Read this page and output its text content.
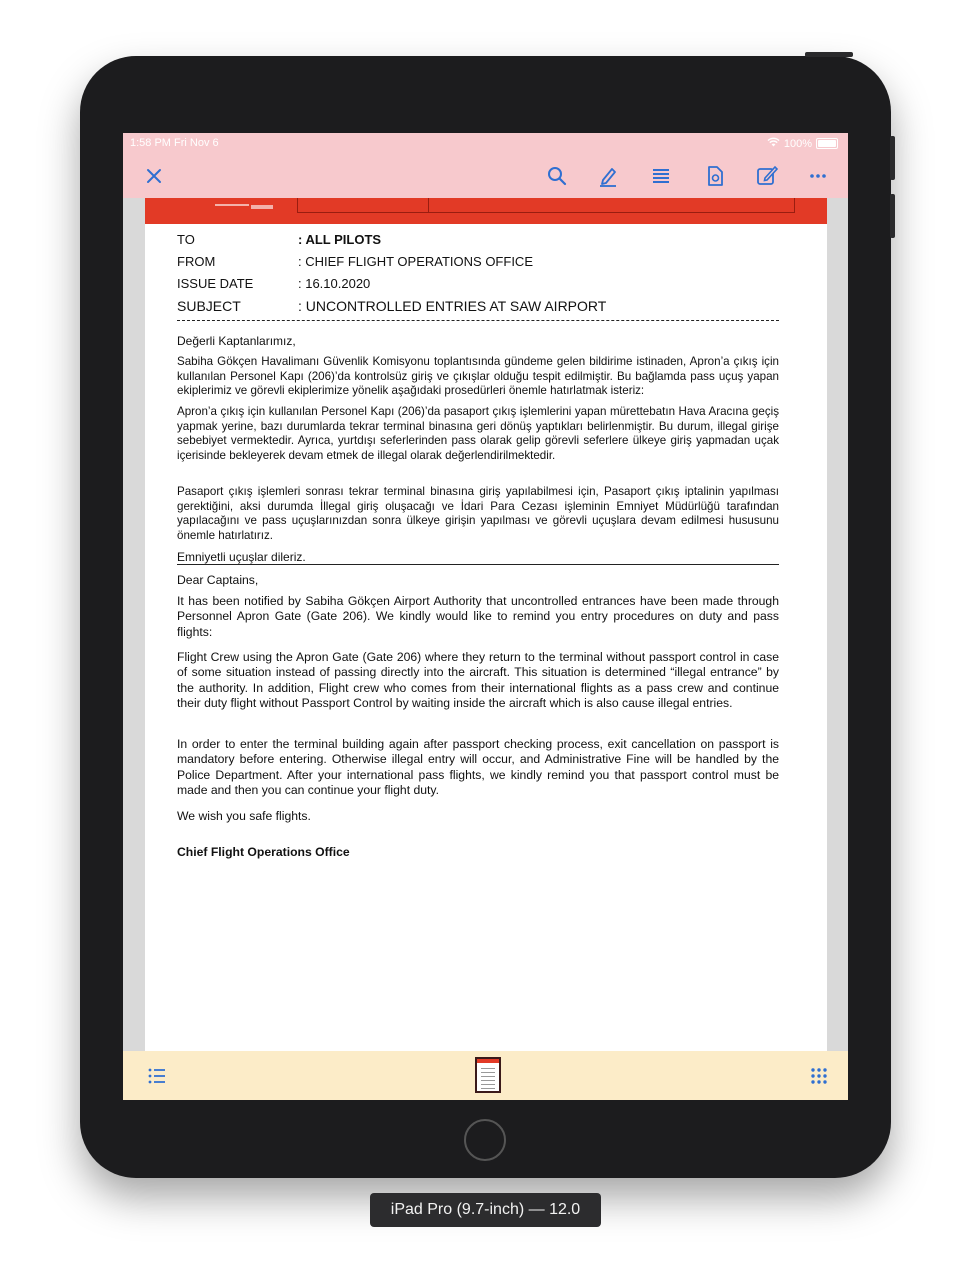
1:58 PM Fri Nov 6	100%
TO	: ALL PILOTS
FROM	: CHIEF FLIGHT OPERATIONS OFFICE
ISSUE DATE	: 16.10.2020
SUBJECT	: UNCONTROLLED ENTRIES AT SAW AIRPORT
Değerli Kaptanlarımız,
Sabiha Gökçen Havalimanı Güvenlik Komisyonu toplantısında gündeme gelen bildirime istinaden, Apron’a çıkış için kullanılan Personel Kapı (206)’da kontrolsüz giriş ve çıkışlar olduğu tespit edilmiştir. Bu bağlamda pass uçuş yapan ekiplerimiz ve görevli ekiplerimize yönelik aşağıdaki prosedürleri önemle hatırlatmak isteriz:
Apron’a çıkış için kullanılan Personel Kapı (206)’da pasaport çıkış işlemlerini yapan mürettebatın Hava Aracına geçiş yapmak yerine, bazı durumlarda tekrar terminal binasına geri dönüş yaptıkları belirlenmiştir. Bu durum, illegal girişe sebebiyet vermektedir. Ayrıca, yurtdışı seferlerinden pass olarak gelip görevli seferlere ülkeye giriş yapmadan uçak içerisinde bekleyerek devam etmek de illegal olarak değerlendirilmektedir.
Pasaport çıkış işlemleri sonrası tekrar terminal binasına giriş yapılabilmesi için, Pasaport çıkış iptalinin yapılması gerektiğini, aksi durumda İllegal giriş oluşacağı ve İdari Para Cezası işleminin Emniyet Müdürlüğü tarafından yapılacağını ve pass uçuşlarınızdan sonra ülkeye girişin yapılması ve görevli uçuşlara devam edilmesi hususunu önemle hatırlatırız.
Emniyetli uçuşlar dileriz.
Dear Captains,
It has been notified by Sabiha Gökçen Airport Authority that uncontrolled entrances have been made through Personnel Apron Gate (Gate 206). We kindly would like to remind you entry procedures on duty and pass flights:
Flight Crew using the Apron Gate (Gate 206) where they return to the terminal without passport control in case of some situation instead of passing directly into the aircraft. This situation is determined “illegal entrance” by the authority. In addition, Flight crew who comes from their international flights as a pass crew and continue their duty flight without Passport Control by waiting inside the aircraft which is also cause illegal entries.
In order to enter the terminal building again after passport checking process, exit cancellation on passport is mandatory before entering. Otherwise illegal entry will occur, and Administrative Fine will be handled by the Police Department. After your international pass flights, we kindly remind you that passport control must be made and then you can continue your flight duty.
We wish you safe flights.
Chief Flight Operations Office
iPad Pro (9.7-inch) — 12.0
